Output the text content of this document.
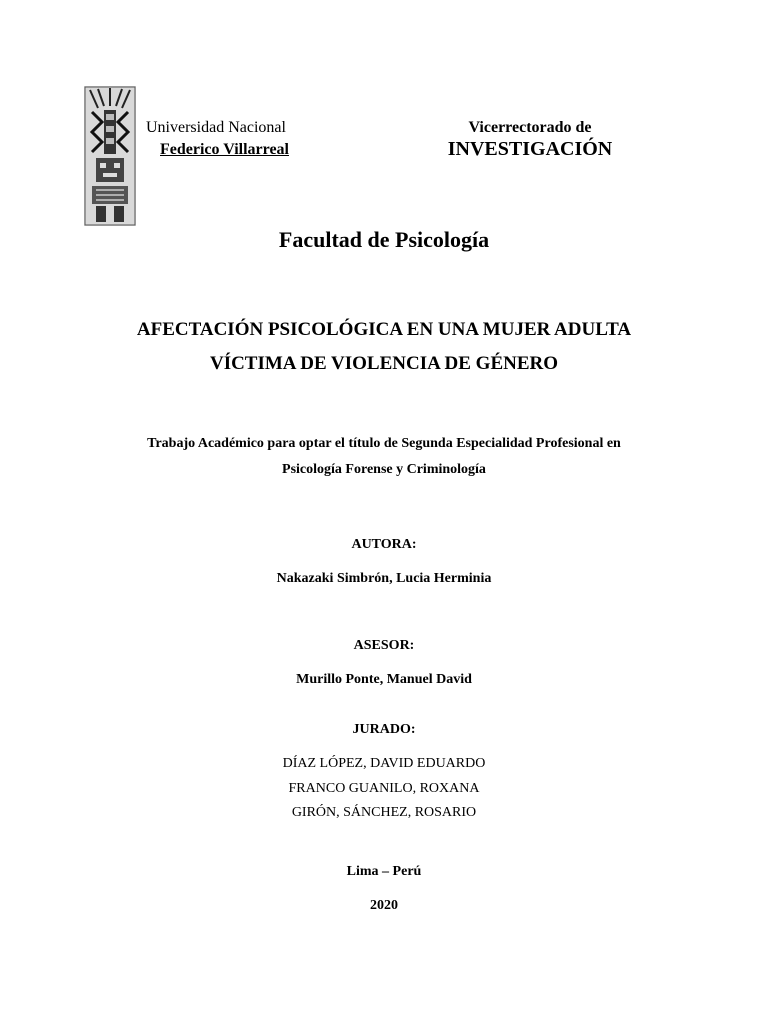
Universidad Nacional
Federico Villarreal
Vicerrectorado de
INVESTIGACIÓN
Facultad de Psicología
AFECTACIÓN PSICOLÓGICA EN UNA MUJER ADULTA
VÍCTIMA DE VIOLENCIA DE GÉNERO
Trabajo Académico para optar el título de Segunda Especialidad Profesional en
Psicología Forense y Criminología
AUTORA:
Nakazaki Simbrón, Lucia Herminia
ASESOR:
Murillo Ponte, Manuel David
JURADO:
DÍAZ LÓPEZ, DAVID EDUARDO
FRANCO GUANILO, ROXANA
GIRÓN, SÁNCHEZ, ROSARIO
Lima – Perú
2020
